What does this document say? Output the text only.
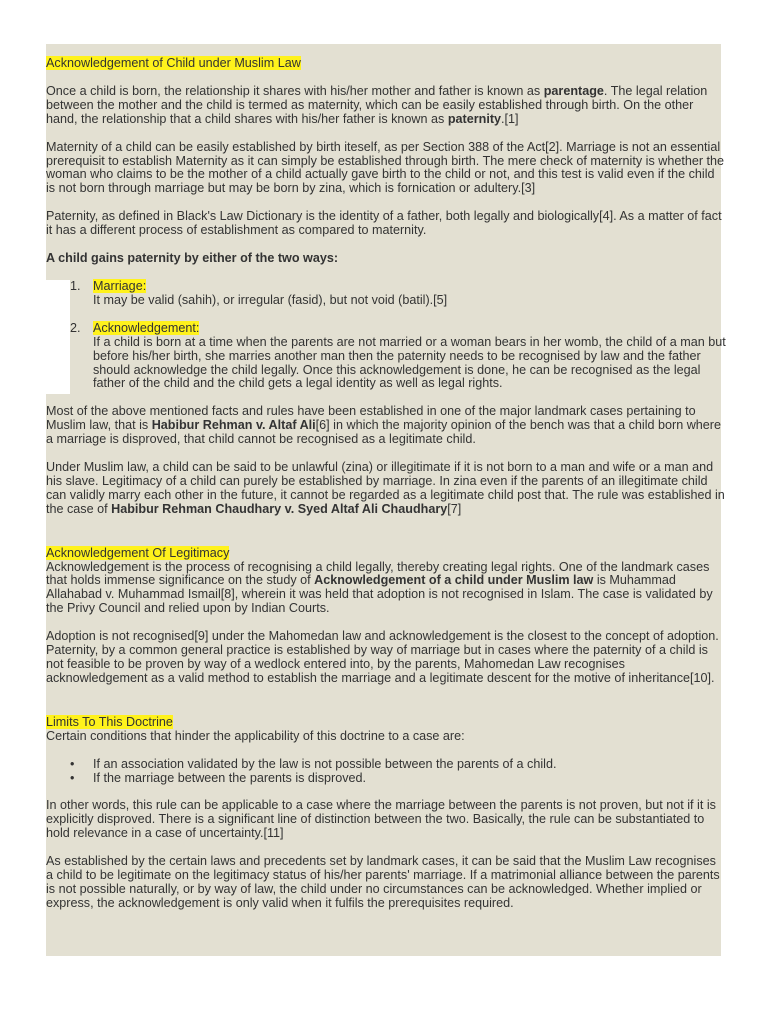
Acknowledgement of Child under Muslim Law

Once a child is born, the relationship it shares with his/her mother and father is known as parentage. The legal relation between the mother and the child is termed as maternity, which can be easily established through birth. On the other hand, the relationship that a child shares with his/her father is known as paternity.[1]

Maternity of a child can be easily established by birth iteself, as per Section 388 of the Act[2]. Marriage is not an essential prerequisit to establish Maternity as it can simply be established through birth. The mere check of maternity is whether the woman who claims to be the mother of a child actually gave birth to the child or not, and this test is valid even if the child is not born through marriage but may be born by zina, which is fornication or adultery.[3]

Paternity, as defined in Black's Law Dictionary is the identity of a father, both legally and biologically[4]. As a matter of fact it has a different process of establishment as compared to maternity.

A child gains paternity by either of the two ways:

1. Marriage:
It may be valid (sahih), or irregular (fasid), but not void (batil).[5]
2. Acknowledgement:
If a child is born at a time when the parents are not married or a woman bears in her womb, the child of a man but before his/her birth, she marries another man then the paternity needs to be recognised by law and the father should acknowledge the child legally. Once this acknowledgement is done, he can be recognised as the legal father of the child and the child gets a legal identity as well as legal rights.

Most of the above mentioned facts and rules have been established in one of the major landmark cases pertaining to Muslim law, that is Habibur Rehman v. Altaf Ali[6] in which the majority opinion of the bench was that a child born where a marriage is disproved, that child cannot be recognised as a legitimate child.

Under Muslim law, a child can be said to be unlawful (zina) or illegitimate if it is not born to a man and wife or a man and his slave. Legitimacy of a child can purely be established by marriage. In zina even if the parents of an illegitimate child can validly marry each other in the future, it cannot be regarded as a legitimate child post that. The rule was established in the case of Habibur Rehman Chaudhary v. Syed Altaf Ali Chaudhary[7]

Acknowledgement Of Legitimacy

Acknowledgement is the process of recognising a child legally, thereby creating legal rights. One of the landmark cases that holds immense significance on the study of Acknowledgement of a child under Muslim law is Muhammad Allahabad v. Muhammad Ismail[8], wherein it was held that adoption is not recognised in Islam. The case is validated by the Privy Council and relied upon by Indian Courts.

Adoption is not recognised[9] under the Mahomedan law and acknowledgement is the closest to the concept of adoption. Paternity, by a common general practice is established by way of marriage but in cases where the paternity of a child is not feasible to be proven by way of a wedlock entered into, by the parents, Mahomedan Law recognises acknowledgement as a valid method to establish the marriage and a legitimate descent for the motive of inheritance[10].

Limits To This Doctrine

Certain conditions that hinder the applicability of this doctrine to a case are:

• If an association validated by the law is not possible between the parents of a child.
• If the marriage between the parents is disproved.

In other words, this rule can be applicable to a case where the marriage between the parents is not proven, but not if it is explicitly disproved. There is a significant line of distinction between the two. Basically, the rule can be substantiated to hold relevance in a case of uncertainty.[11]

As established by the certain laws and precedents set by landmark cases, it can be said that the Muslim Law recognises a child to be legitimate on the legitimacy status of his/her parents' marriage. If a matrimonial alliance between the parents is not possible naturally, or by way of law, the child under no circumstances can be acknowledged. Whether implied or express, the acknowledgement is only valid when it fulfils the prerequisites required.
